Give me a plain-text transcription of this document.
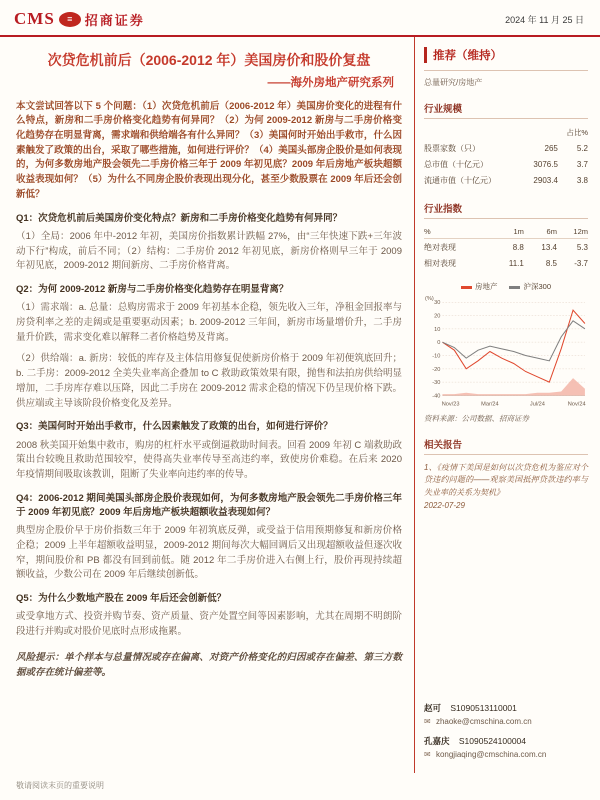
CMS	≡ 招商证券	2024 年 11 月 25 日
次贷危机前后（2006-2012 年）美国房价和股价复盘
——海外房地产研究系列

本文尝试回答以下 5 个问题：（1）次贷危机前后（2006-2012 年）美国房价变化的进程有什么特点，新房和二手房价格变化趋势有何异同？（2）为何 2009-2012 新房与二手房价格变化趋势存在明显背离，需求端和供给端各有什么异同？（3）美国何时开始出手救市，什么因素触发了政策的出台，采取了哪些措施，如何进行评价？（4）美国头部房企股价是如何表现的，为何多数房地产股会领先二手房价格三年于 2009 年初见底？2009 年后房地产板块超额收益表现如何？（5）为什么不同房企股价表现出现分化，甚至少数股票在 2009 年后还会创新低？

Q1：次贷危机前后美国房价变化特点？新房和二手房价格变化趋势有何异同？

（1）全局：2006 年中-2012 年初，美国房价指数累计跌幅 27%，由“三年快速下跌+三年波动下行”构成，前后不同；（2）结构：二手房价 2012 年初见底，新房价格则早三年于 2009 年初见底，2009-2012 期间新房、二手房价格背离。

Q2：为何 2009-2012 新房与二手房价格变化趋势存在明显背离？

（1）需求端：a. 总量：总购房需求于 2009 年初基本企稳，领先收入三年，净租金回报率与房贷利率之差的走阔或是重要驱动因素；b. 2009-2012 三年间，新房市场量增价升，二手房量升价跌，需求变化难以解释二者价格趋势及背离。

（2）供给端：a. 新房：较低的库存及主体信用修复促使新房价格于 2009 年初便筑底回升；b. 二手房：2009-2012 全美失业率高企叠加 to C 救助政策效果有限，抛售和法拍房供给明显增加，二手房库存难以压降，因此二手房在 2009-2012 需求企稳的情况下仍呈现价格下跌。供应端或主导该阶段价格变化及差异。

Q3：美国何时开始出手救市，什么因素触发了政策的出台，如何进行评价？

2008 秋美国开始集中救市，购房的杠杆水平或倒逼救助时间表。回看 2009 年初 C 端救助政策出台较晚且救助范围较窄，使得高失业率传导至高违约率，致使房价难稳。在后来 2020 年疫情期间吸取该教训，阻断了失业率向违约率的传导。

Q4：2006-2012 期间美国头部房企股价表现如何，为何多数房地产股会领先二手房价格三年于 2009 年初见底？2009 年后房地产板块超额收益表现如何？

典型房企股价早于房价指数三年于 2009 年初筑底反弹，或受益于信用预期修复和新房价格企稳；2009 上半年超额收益明显，2009-2012 期间每次大幅回调后又出现超额收益但逐次收窄，期间股价和 PB 都没有回到前低。随 2012 年二手房价进入右侧上行，股价再现持续超额收益，少数公司在 2009 年后继续创新低。

Q5：为什么少数地产股在 2009 年后还会创新低？

或受拿地方式、投资并购节奏、资产质量、资产处置空间等因素影响，尤其在周期不明朗阶段进行并购或对股价见底时点形成拖累。

风险提示：单个样本与总量情况或存在偏离、对资产价格变化的归因或存在偏差、第三方数据或存在统计偏差等。

推荐（维持）
总量研究/房地产
行业规模
		占比%
股票家数（只）	265	5.2
总市值（十亿元）	3076.5	3.7
流通市值（十亿元）	2903.4	3.8
行业指数
%	1m	6m	12m
绝对表现	8.8	13.4	5.3
相对表现	11.1	8.5	-3.7
房地产	沪深300
30
20
10
0
-10
-20
-30
-40
Nov/23	Mar/24	Jul/24	Nov/24
(%)
资料来源：公司数据、招商证券
相关报告
1、《疫情下美国是如何以次贷危机为鉴应对个贷违约问题的——观察美国抵押贷款违约率与失业率的关系为契机》
2022-07-29
赵可 S1090513110001
✉ zhaoke@cmschina.com.cn
孔嘉庆 S1090524100004
✉ kongjiaqing@cmschina.com.cn
敬请阅读末页的重要说明
